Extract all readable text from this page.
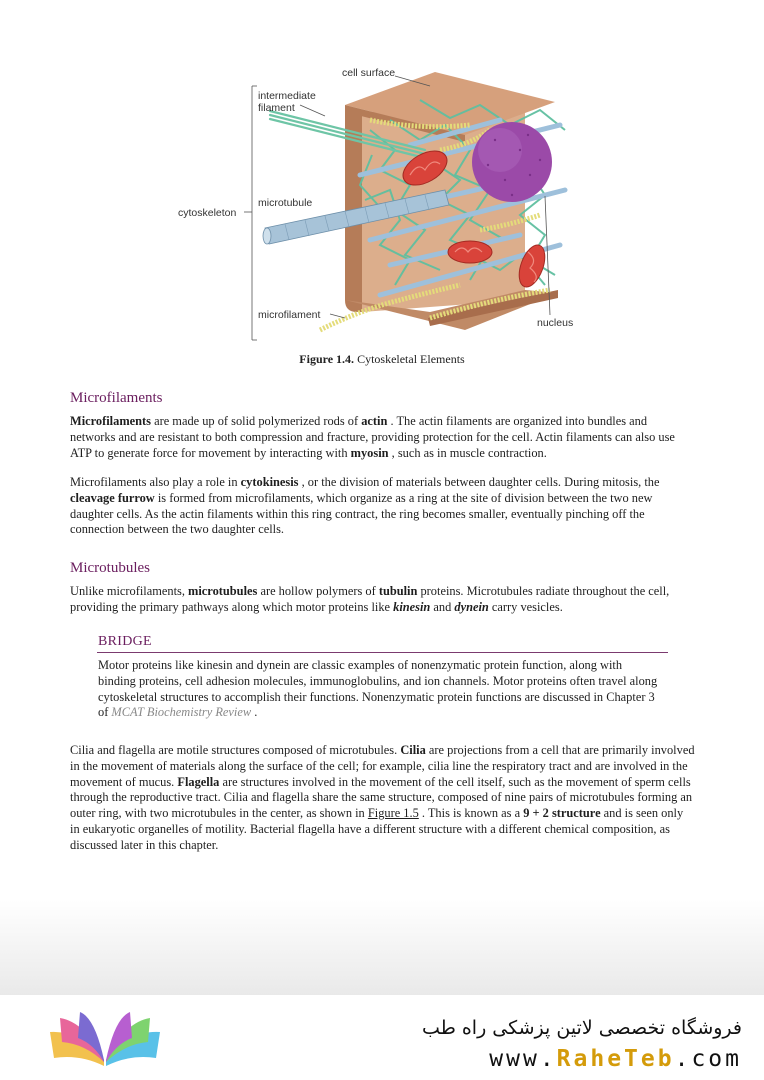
cell surface
intermediate filament
cytoskeleton
microtubule
microfilament
nucleus
Figure 1.4. Cytoskeletal Elements
Microfilaments

Microfilaments are made up of solid polymerized rods of actin . The actin filaments are organized into bundles and networks and are resistant to both compression and fracture, providing protection for the cell. Actin filaments can also use ATP to generate force for movement by interacting with myosin , such as in muscle contraction.

Microfilaments also play a role in cytokinesis , or the division of materials between daughter cells. During mitosis, the cleavage furrow is formed from microfilaments, which organize as a ring at the site of division between the two new daughter cells. As the actin filaments within this ring contract, the ring becomes smaller, eventually pinching off the connection between the two daughter cells.

Microtubules

Unlike microfilaments, microtubules are hollow polymers of tubulin proteins. Microtubules radiate throughout the cell, providing the primary pathways along which motor proteins like kinesin and dynein carry vesicles.

BRIDGE

Motor proteins like kinesin and dynein are classic examples of nonenzymatic protein function, along with binding proteins, cell adhesion molecules, immunoglobulins, and ion channels. Motor proteins often travel along cytoskeletal structures to accomplish their functions. Nonenzymatic protein functions are discussed in Chapter 3 of MCAT Biochemistry Review .

Cilia and flagella are motile structures composed of microtubules. Cilia are projections from a cell that are primarily involved in the movement of materials along the surface of the cell; for example, cilia line the respiratory tract and are involved in the movement of mucus. Flagella are structures involved in the movement of the cell itself, such as the movement of sperm cells through the reproductive tract. Cilia and flagella share the same structure, composed of nine pairs of microtubules forming an outer ring, with two microtubules in the center, as shown in Figure 1.5 . This is known as a 9 + 2 structure and is seen only in eukaryotic organelles of motility. Bacterial flagella have a different structure with a different chemical composition, as discussed later in this chapter.

فروشگاه تخصصی لاتین پزشکی راه طب
www.RaheTeb.com
